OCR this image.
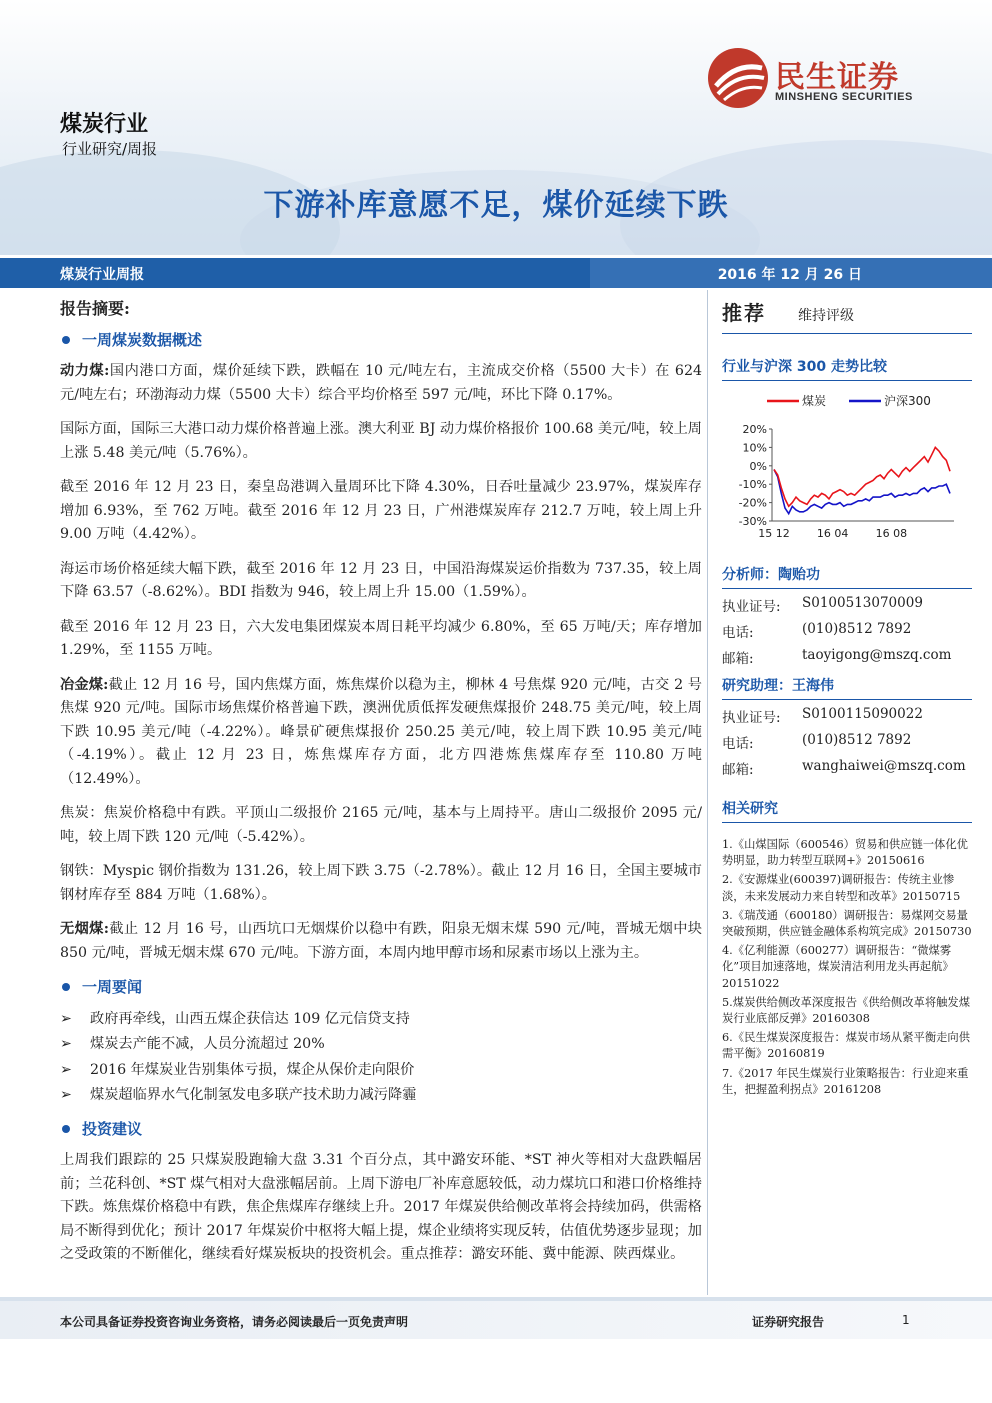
民生证券
MINSHENG SECURITIES
煤炭行业
行业研究/周报
下游补库意愿不足，煤价延续下跌
煤炭行业周报	2016 年 12 月 26 日
报告摘要:
一周煤炭数据概述

动力煤:国内港口方面，煤价延续下跌，跌幅在 10 元/吨左右，主流成交价格（5500 大卡）在 624 元/吨左右；环渤海动力煤（5500 大卡）综合平均价格至 597 元/吨，环比下降 0.17%。

国际方面，国际三大港口动力煤价格普遍上涨。澳大利亚 BJ 动力煤价格报价 100.68 美元/吨，较上周上涨 5.48 美元/吨（5.76%）。

截至 2016 年 12 月 23 日，秦皇岛港调入量周环比下降 4.30%，日吞吐量减少 23.97%，煤炭库存增加 6.93%，至 762 万吨。截至 2016 年 12 月 23 日，广州港煤炭库存 212.7 万吨，较上周上升 9.00 万吨（4.42%）。

海运市场价格延续大幅下跌，截至 2016 年 12 月 23 日，中国沿海煤炭运价指数为 737.35，较上周下降 63.57（-8.62%）。BDI 指数为 946，较上周上升 15.00（1.59%）。

截至 2016 年 12 月 23 日，六大发电集团煤炭本周日耗平均减少 6.80%，至 65 万吨/天；库存增加 1.29%，至 1155 万吨。

冶金煤:截止 12 月 16 号，国内焦煤方面，炼焦煤价以稳为主，柳林 4 号焦煤 920 元/吨，古交 2 号焦煤 920 元/吨。国际市场焦煤价格普遍下跌，澳洲优质低挥发硬焦煤报价 248.75 美元/吨，较上周下跌 10.95 美元/吨（-4.22%）。峰景矿硬焦煤报价 250.25 美元/吨，较上周下跌 10.95 美元/吨（-4.19%）。截止 12 月 23 日，炼焦煤库存方面，北方四港炼焦煤库存至 110.80 万吨（12.49%）。

焦炭：焦炭价格稳中有跌。平顶山二级报价 2165 元/吨，基本与上周持平。唐山二级报价 2095 元/吨，较上周下跌 120 元/吨（-5.42%）。

钢铁：Myspic 钢价指数为 131.26，较上周下跌 3.75（-2.78%）。截止 12 月 16 日，全国主要城市钢材库存至 884 万吨（1.68%）。

无烟煤:截止 12 月 16 号，山西坑口无烟煤价以稳中有跌，阳泉无烟末煤 590 元/吨，晋城无烟中块 850 元/吨，晋城无烟末煤 670 元/吨。下游方面，本周内地甲醇市场和尿素市场以上涨为主。

一周要闻
➢ 政府再牵线，山西五煤企获信达 109 亿元信贷支持
➢ 煤炭去产能不减，人员分流超过 20%
➢ 2016 年煤炭业告别集体亏损，煤企从保价走向限价
➢ 煤炭超临界水气化制氢发电多联产技术助力减污降霾
投资建议

上周我们跟踪的 25 只煤炭股跑输大盘 3.31 个百分点，其中潞安环能、*ST 神火等相对大盘跌幅居前；兰花科创、*ST 煤气相对大盘涨幅居前。上周下游电厂补库意愿较低，动力煤坑口和港口价格维持下跌。炼焦煤价格稳中有跌，焦企焦煤库存继续上升。2017 年煤炭供给侧改革将会持续加码，供需格局不断得到优化；预计 2017 年煤炭价中枢将大幅上提，煤企业绩将实现反转，估值优势逐步显现；加之受政策的不断催化，继续看好煤炭板块的投资机会。重点推荐：潞安环能、冀中能源、陕西煤业。

推荐 维持评级
行业与沪深 300 走势比较
煤炭	沪深300
20%
10%
0%
-10%
-20%
-30%
15 12 16 04 16 08
分析师：陶贻功
执业证号:	S0100513070009
电话:	(010)8512 7892
邮箱:	taoyigong@mszq.com
研究助理：王海伟
执业证号:	S0100115090022
电话:	(010)8512 7892
邮箱:	wanghaiwei@mszq.com
相关研究
1.《山煤国际（600546）贸易和供应链一体化优势明显，助力转型互联网+》20150616
2.《安源煤业(600397)调研报告：传统主业惨淡，未来发展动力来自转型和改革》20150715
3.《瑞茂通（600180）调研报告：易煤网交易量突破预期，供应链金融体系构筑完成》20150730
4.《亿利能源（600277）调研报告：“微煤雾化”项目加速落地，煤炭清洁利用龙头再起航》20151022
5.煤炭供给侧改革深度报告《供给侧改革将触发煤炭行业底部反弹》20160308
6.《民生煤炭深度报告：煤炭市场从紧平衡走向供需平衡》20160819
7.《2017 年民生煤炭行业策略报告：行业迎来重生，把握盈利拐点》20161208
本公司具备证券投资咨询业务资格，请务必阅读最后一页免责声明	证券研究报告	1
